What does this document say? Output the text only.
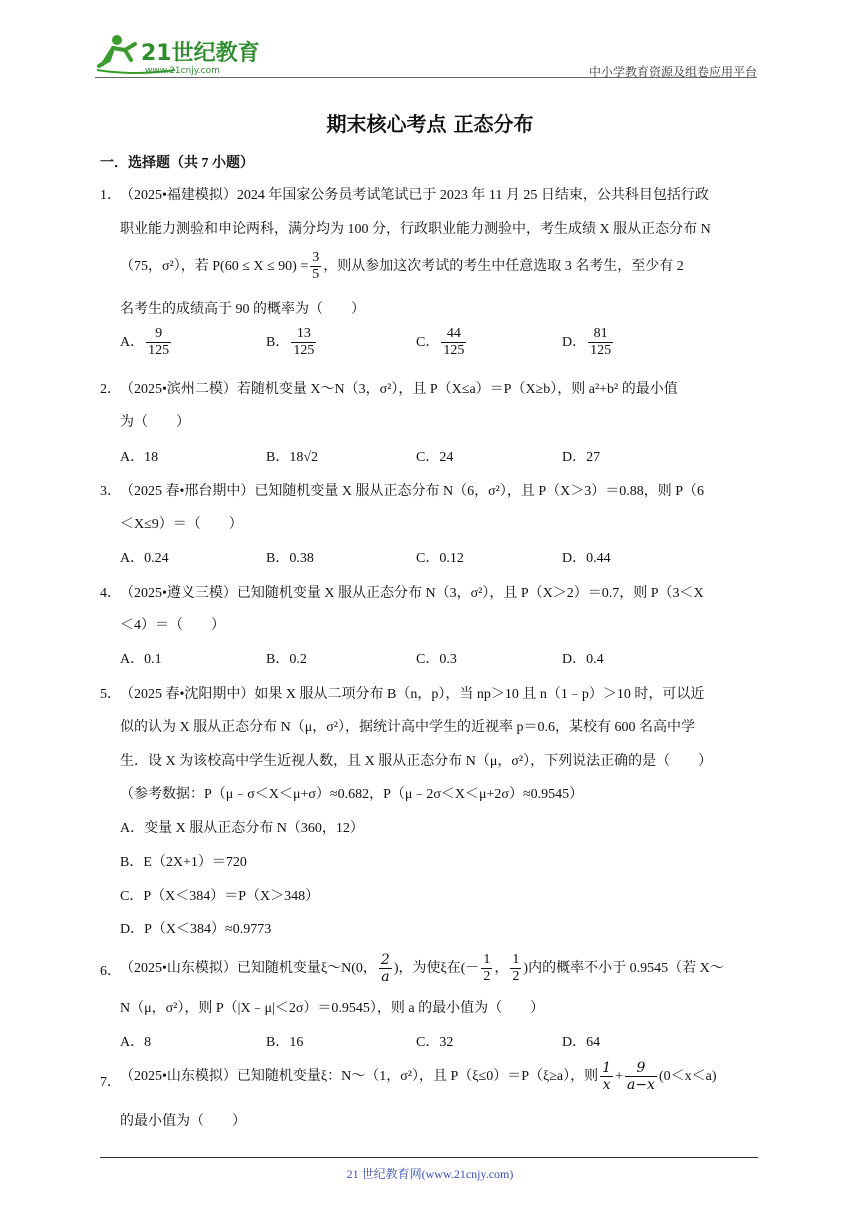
21世纪教育
www.21cnjy.com	中小学教育资源及组卷应用平台
期末核心考点 正态分布
一．选择题（共 7 小题）
1． （2025•福建模拟）2024 年国家公务员考试笔试已于 2023 年 11 月 25 日结束，公共科目包括行政
职业能力测验和申论两科，满分均为 100 分，行政职业能力测验中，考生成绩 X 服从正态分布 N
（75，σ²），若 $P(60 \le X \le 90) = \frac{3}{5}$ ，则从参加这次考试的考生中任意选取 3 名考生，至少有 2
名考生的成绩高于 90 的概率为（　　）
A． $\frac{9}{125}$	B． $\frac{13}{125}$	C． $\frac{44}{125}$	D． $\frac{81}{125}$
2． （2025•滨州二模）若随机变量 X～N（3，σ²），且 P（X≤a）＝P（X≥b），则 a²+b² 的最小值
为（　　）
A．18	B．18√2	C．24	D．27
3． （2025 春•邢台期中）已知随机变量 X 服从正态分布 N（6，σ²），且 P（X＞3）＝0.88，则 P（6
＜X≤9）＝（　　）
A．0.24	B．0.38	C．0.12	D．0.44
4． （2025•遵义三模）已知随机变量 X 服从正态分布 N（3，σ²），且 P（X＞2）＝0.7，则 P（3＜X
＜4）＝（　　）
A．0.1	B．0.2	C．0.3	D．0.4
5． （2025 春•沈阳期中）如果 X 服从二项分布 B（n，p），当 np＞10 且 n（1﹣p）＞10 时，可以近
似的认为 X 服从正态分布 N（μ，σ²），据统计高中学生的近视率 p＝0.6，某校有 600 名高中学
生．设 X 为该校高中学生近视人数，且 X 服从正态分布 N（μ，σ²），下列说法正确的是（　　）
（参考数据：P（μ﹣σ＜X＜μ+σ）≈0.682，P（μ﹣2σ＜X＜μ+2σ）≈0.9545）
A．变量 X 服从正态分布 N（360，12）
B．E（2X+1）＝720
C．P（X＜384）＝P（X＞348）
D．P（X＜384）≈0.9773
6． （2025•山东模拟）已知随机变量ξ～N(0， $\frac{2}{a}$ )，为使ξ在(－ $\frac{1}{2}$ ， $\frac{1}{2}$ )内的概率不小于 0.9545（若 X～
N（μ，σ²），则 P（|X﹣μ|＜2σ）＝0.9545），则 a 的最小值为（　　）
A．8	B．16	C．32	D．64
7． （2025•山东模拟）已知随机变量ξ：N～（1，σ²），且 P（ξ≤0）＝P（ξ≥a），则 $\frac{1}{x} + \frac{9}{a-x} (0<x<a)$
的最小值为（　　）
21 世纪教育网(www.21cnjy.com)
